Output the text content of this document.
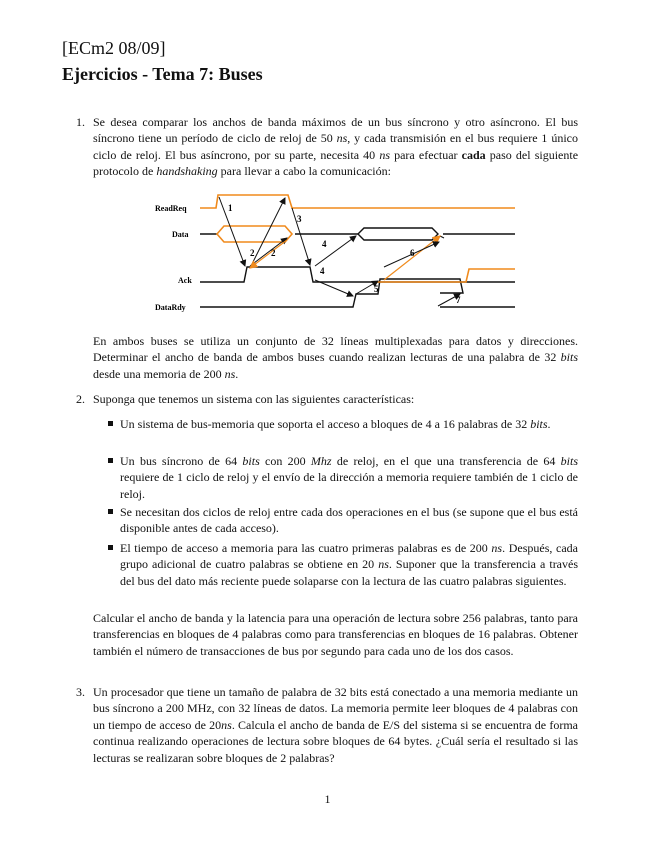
[ECm2 08/09]
Ejercicios - Tema 7: Buses
1. Se desea comparar los anchos de banda máximos de un bus síncrono y otro asíncrono. El bus síncrono tiene un período de ciclo de reloj de 50 ns, y cada transmisión en el bus requiere 1 único ciclo de reloj. El bus asíncrono, por su parte, necesita 40 ns para efectuar cada paso del siguiente protocolo de handshaking para llevar a cabo la comunicación:
ReadReq
Data
Ack
DataRdy
1
2 2
3
4
4
5
6
7
En ambos buses se utiliza un conjunto de 32 líneas multiplexadas para datos y direcciones. Determinar el ancho de banda de ambos buses cuando realizan lecturas de una palabra de 32 bits desde una memoria de 200 ns.
2. Suponga que tenemos un sistema con las siguientes características:
Un sistema de bus-memoria que soporta el acceso a bloques de 4 a 16 palabras de 32 bits.
Un bus síncrono de 64 bits con 200 Mhz de reloj, en el que una transferencia de 64 bits requiere de 1 ciclo de reloj y el envío de la dirección a memoria requiere también de 1 ciclo de reloj.
Se necesitan dos ciclos de reloj entre cada dos operaciones en el bus (se supone que el bus está disponible antes de cada acceso).
El tiempo de acceso a memoria para las cuatro primeras palabras es de 200 ns. Después, cada grupo adicional de cuatro palabras se obtiene en 20 ns. Suponer que la transferencia a través del bus del dato más reciente puede solaparse con la lectura de las cuatro palabras siguientes.
Calcular el ancho de banda y la latencia para una operación de lectura sobre 256 palabras, tanto para transferencias en bloques de 4 palabras como para transferencias en bloques de 16 palabras. Obtener también el número de transacciones de bus por segundo para cada uno de los dos casos.
3. Un procesador que tiene un tamaño de palabra de 32 bits está conectado a una memoria mediante un bus síncrono a 200 MHz, con 32 líneas de datos. La memoria permite leer bloques de 4 palabras con un tiempo de acceso de 20ns. Calcula el ancho de banda de E/S del sistema si se encuentra de forma continua realizando operaciones de lectura sobre bloques de 64 bytes. ¿Cuál sería el resultado si las lecturas se realizaran sobre bloques de 2 palabras?
1
